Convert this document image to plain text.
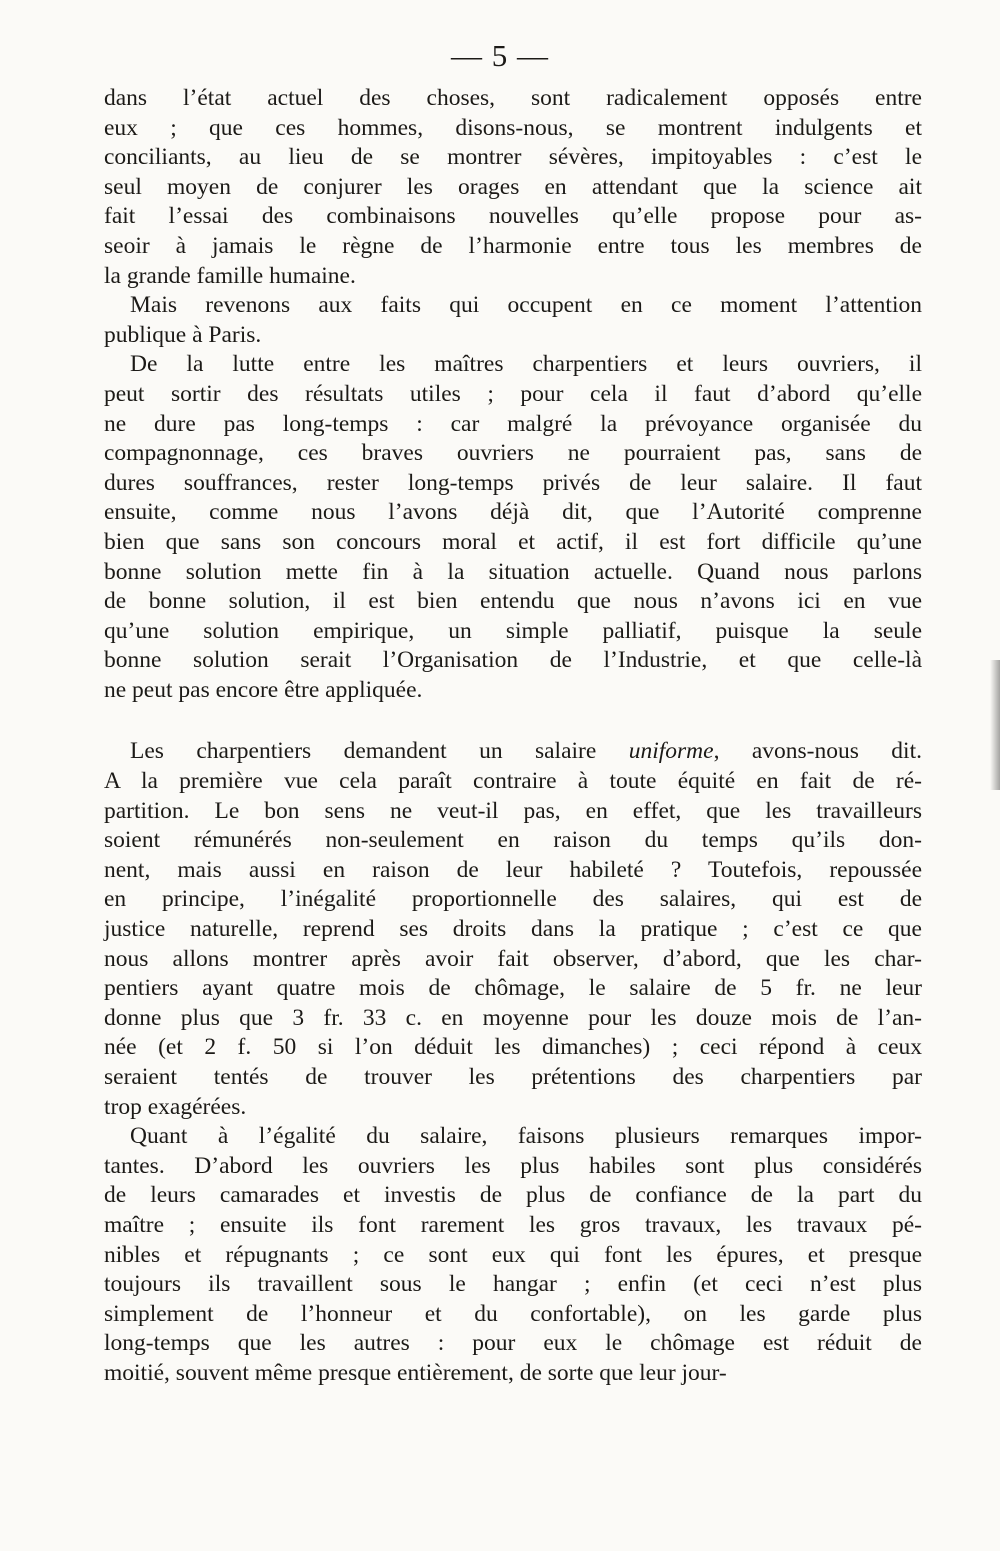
— 5 —
dans l’état actuel des choses, sont radicalement opposés entre
eux ; que ces hommes, disons-nous, se montrent indulgents et
conciliants, au lieu de se montrer sévères, impitoyables : c’est le
seul moyen de conjurer les orages en attendant que la science ait
fait l’essai des combinaisons nouvelles qu’elle propose pour as-
seoir à jamais le règne de l’harmonie entre tous les membres de
la grande famille humaine.
Mais revenons aux faits qui occupent en ce moment l’attention
publique à Paris.
De la lutte entre les maîtres charpentiers et leurs ouvriers, il
peut sortir des résultats utiles ; pour cela il faut d’abord qu’elle
ne dure pas long-temps : car malgré la prévoyance organisée du
compagnonnage, ces braves ouvriers ne pourraient pas, sans de
dures souffrances, rester long-temps privés de leur salaire. Il faut
ensuite, comme nous l’avons déjà dit, que l’Autorité comprenne
bien que sans son concours moral et actif, il est fort difficile qu’une
bonne solution mette fin à la situation actuelle. Quand nous parlons
de bonne solution, il est bien entendu que nous n’avons ici en vue
qu’une solution empirique, un simple palliatif, puisque la seule
bonne solution serait l’Organisation de l’Industrie, et que celle-là
ne peut pas encore être appliquée.
Les charpentiers demandent un salaire uniforme, avons-nous dit.
A la première vue cela paraît contraire à toute équité en fait de ré-
partition. Le bon sens ne veut-il pas, en effet, que les travailleurs
soient rémunérés non-seulement en raison du temps qu’ils don-
nent, mais aussi en raison de leur habileté ? Toutefois, repoussée
en principe, l’inégalité proportionnelle des salaires, qui est de
justice naturelle, reprend ses droits dans la pratique ; c’est ce que
nous allons montrer après avoir fait observer, d’abord, que les char-
pentiers ayant quatre mois de chômage, le salaire de 5 fr. ne leur
donne plus que 3 fr. 33 c. en moyenne pour les douze mois de l’an-
née (et 2 f. 50 si l’on déduit les dimanches) ; ceci répond à ceux
seraient tentés de trouver les prétentions des charpentiers par
trop exagérées.
Quant à l’égalité du salaire, faisons plusieurs remarques impor-
tantes. D’abord les ouvriers les plus habiles sont plus considérés
de leurs camarades et investis de plus de confiance de la part du
maître ; ensuite ils font rarement les gros travaux, les travaux pé-
nibles et répugnants ; ce sont eux qui font les épures, et presque
toujours ils travaillent sous le hangar ; enfin (et ceci n’est plus
simplement de l’honneur et du confortable), on les garde plus
long-temps que les autres : pour eux le chômage est réduit de
moitié, souvent même presque entièrement, de sorte que leur jour-
